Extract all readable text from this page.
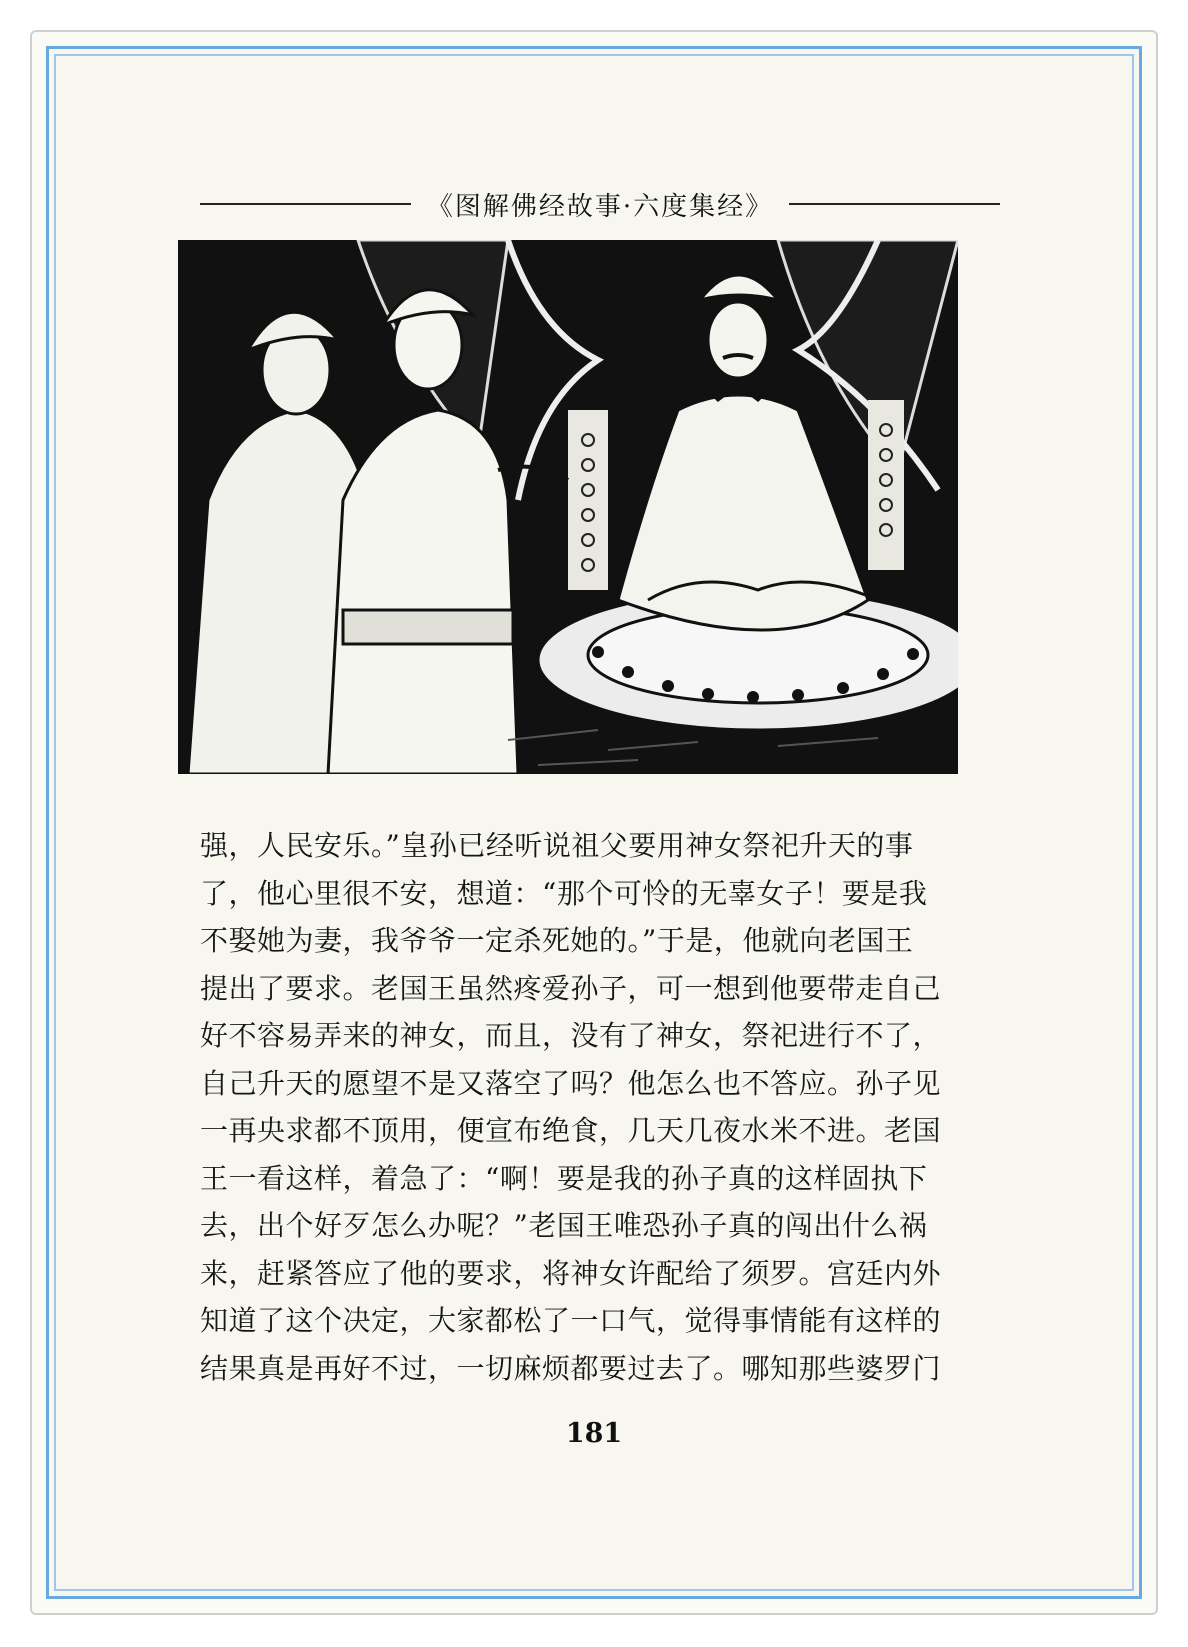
《图解佛经故事·六度集经》

强，人民安乐。”皇孙已经听说祖父要用神女祭祀升天的事

了，他心里很不安，想道：“那个可怜的无辜女子！要是我

不娶她为妻，我爷爷一定杀死她的。”于是，他就向老国王

提出了要求。老国王虽然疼爱孙子，可一想到他要带走自己

好不容易弄来的神女，而且，没有了神女，祭祀进行不了，

自己升天的愿望不是又落空了吗？他怎么也不答应。孙子见

一再央求都不顶用，便宣布绝食，几天几夜水米不进。老国

王一看这样，着急了：“啊！要是我的孙子真的这样固执下

去，出个好歹怎么办呢？”老国王唯恐孙子真的闯出什么祸

来，赶紧答应了他的要求，将神女许配给了须罗。宫廷内外

知道了这个决定，大家都松了一口气，觉得事情能有这样的

结果真是再好不过，一切麻烦都要过去了。哪知那些婆罗门

181
